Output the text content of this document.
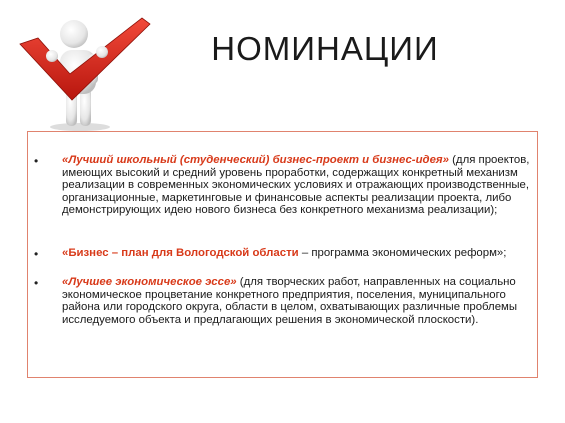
НОМИНАЦИИ
• «Лучший школьный (студенческий) бизнес-проект и бизнес-идея» (для проектов, имеющих высокий и средний уровень проработки, содержащих конкретный механизм реализации в современных экономических условиях и отражающих производственные, организационные, маркетинговые и финансовые аспекты реализации проекта, либо демонстрирующих идею нового бизнеса без конкретного механизма реализации);
• «Бизнес – план для Вологодской области – программа экономических реформ»;
• «Лучшее экономическое эссе» (для творческих работ, направленных на социально экономическое процветание конкретного предприятия, поселения, муниципального района или городского округа, области в целом, охватывающих различные проблемы исследуемого объекта и предлагающих решения в экономической плоскости).
